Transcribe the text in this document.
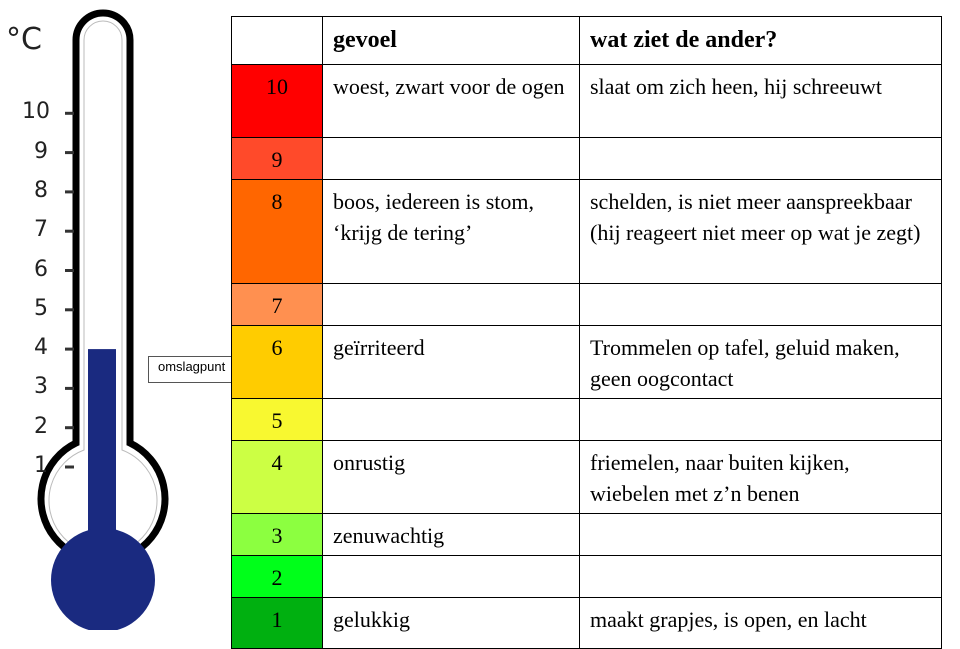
°C
10
9
8
7
6
5
4
3
2
1
omslagpunt
	gevoel	wat ziet de ander?
10	woest, zwart voor de ogen	slaat om zich heen, hij schreeuwt
9		
8	boos, iedereen is stom, ‘krijg de tering’	schelden, is niet meer aanspreekbaar (hij reageert niet meer op wat je zegt)
7		
6	geïrriteerd	Trommelen op tafel, geluid maken, geen oogcontact
5		
4	onrustig	friemelen, naar buiten kijken, wiebelen met z’n benen
3	zenuwachtig	
2		
1	gelukkig	maakt grapjes, is open, en lacht
